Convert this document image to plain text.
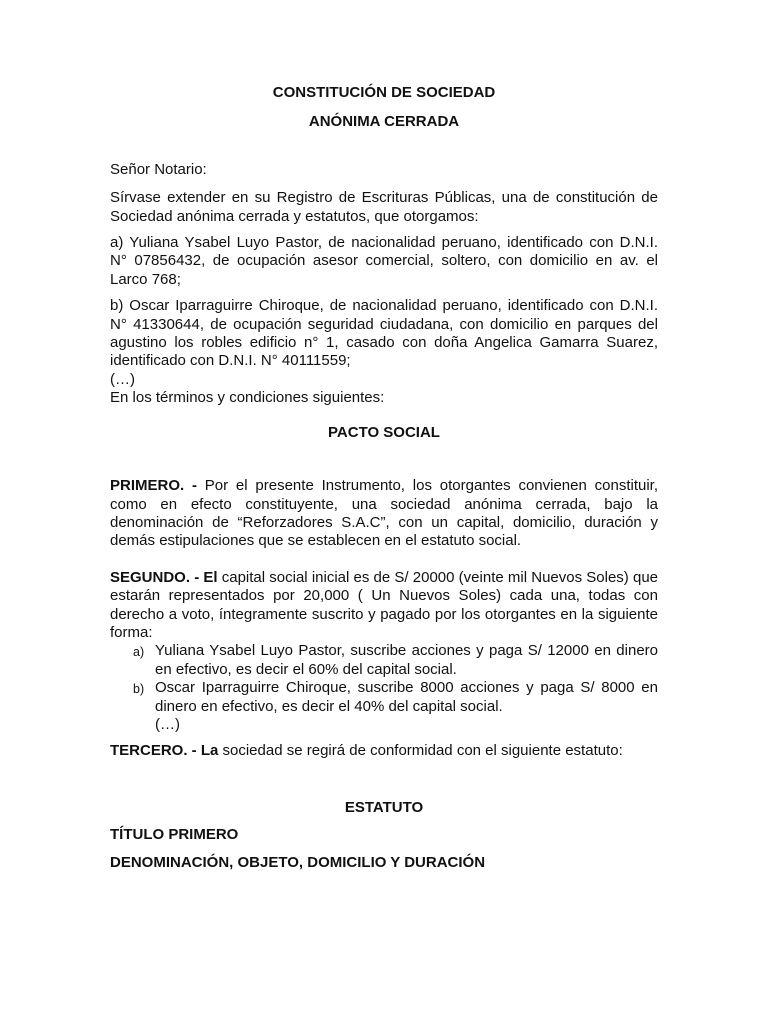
CONSTITUCIÓN DE SOCIEDAD

ANÓNIMA CERRADA

Señor Notario:

Sírvase extender en su Registro de Escrituras Públicas, una de constitución de Sociedad anónima cerrada y estatutos, que otorgamos:

a) Yuliana Ysabel Luyo Pastor, de nacionalidad peruano, identificado con D.N.I. N° 07856432, de ocupación asesor comercial, soltero, con domicilio en av. el Larco 768;

b) Oscar Iparraguirre Chiroque, de nacionalidad peruano, identificado con D.N.I. N° 41330644, de ocupación seguridad ciudadana, con domicilio en parques del agustino los robles edificio n° 1, casado con doña Angelica Gamarra Suarez, identificado con D.N.I. N° 40111559;

(…)

En los términos y condiciones siguientes:

PACTO SOCIAL

PRIMERO. - Por el presente Instrumento, los otorgantes convienen constituir, como en efecto constituyente, una sociedad anónima cerrada, bajo la denominación de “Reforzadores S.A.C”, con un capital, domicilio, duración y demás estipulaciones que se establecen en el estatuto social.

SEGUNDO. - El capital social inicial es de S/ 20000 (veinte mil Nuevos Soles) que estarán representados por 20,000 ( Un Nuevos Soles) cada una, todas con derecho a voto, íntegramente suscrito y pagado por los otorgantes en la siguiente forma:

a) Yuliana Ysabel Luyo Pastor, suscribe acciones y paga S/ 12000 en dinero en efectivo, es decir el 60% del capital social.
b) Oscar Iparraguirre Chiroque, suscribe 8000 acciones y paga S/ 8000 en dinero en efectivo, es decir el 40% del capital social.

(…)

TERCERO. - La sociedad se regirá de conformidad con el siguiente estatuto:

ESTATUTO

TÍTULO PRIMERO

DENOMINACIÓN, OBJETO, DOMICILIO Y DURACIÓN
